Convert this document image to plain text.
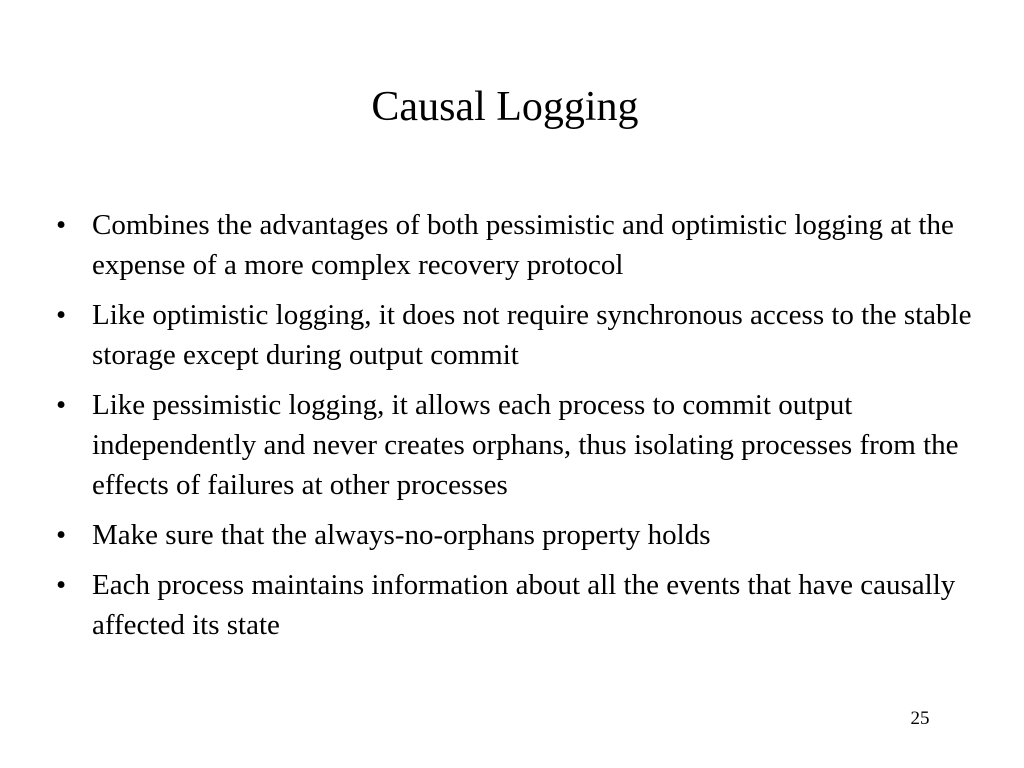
Causal Logging
• Combines the advantages of both pessimistic and optimistic logging at the expense of a more complex recovery protocol
• Like optimistic logging, it does not require synchronous access to the stable storage except during output commit
• Like pessimistic logging, it allows each process to commit output independently and never creates orphans, thus isolating processes from the effects of failures at other processes
• Make sure that the always-no-orphans property holds
• Each process maintains information about all the events that have causally affected its state
25
